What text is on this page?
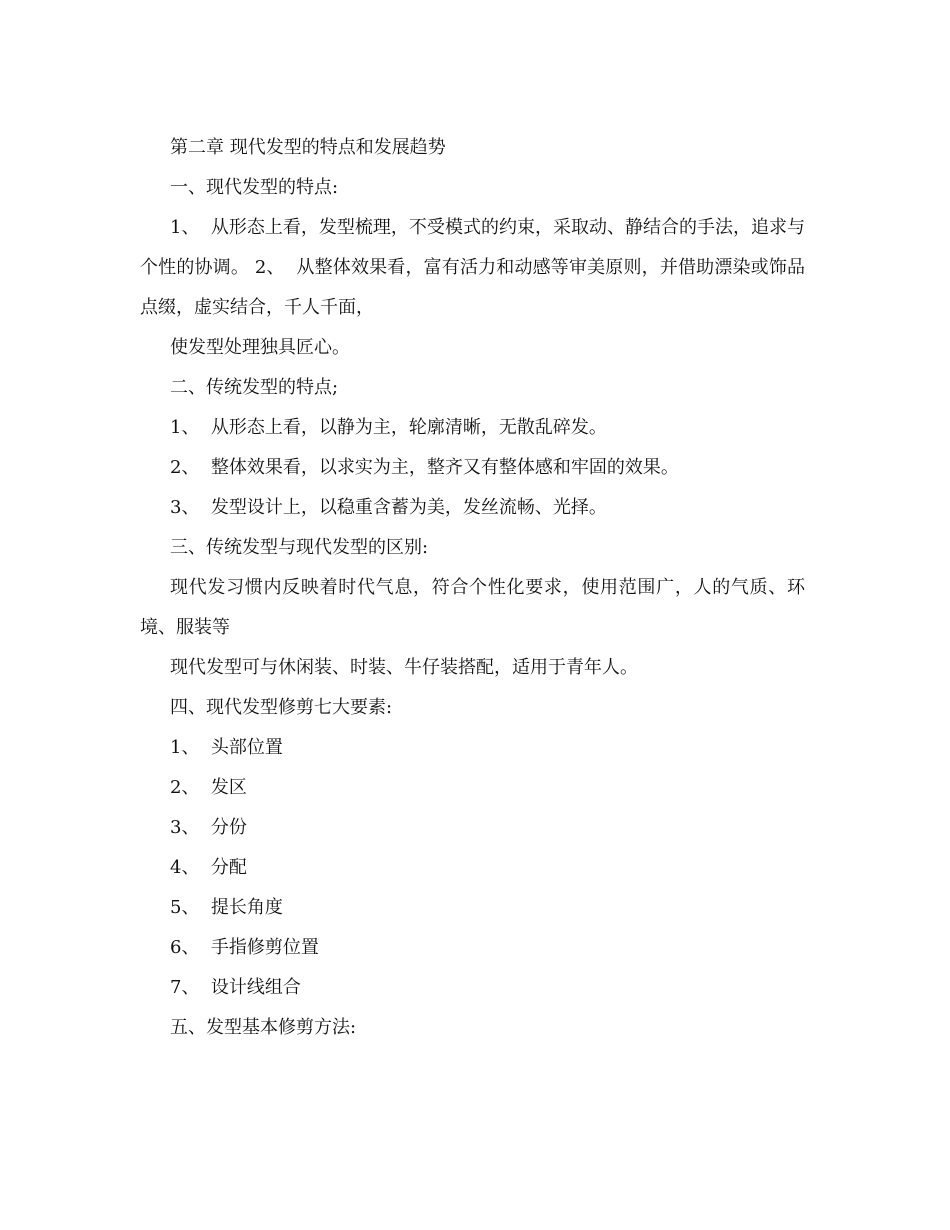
第二章 现代发型的特点和发展趋势

一、现代发型的特点:

1、  从形态上看，发型梳理，不受模式的约束，采取动、静结合的手法，追求与个性的协调。 2、  从整体效果看，富有活力和动感等审美原则，并借助漂染或饰品点缀，虚实结合，千人千面，

使发型处理独具匠心。

二、传统发型的特点;

1、  从形态上看，以静为主，轮廓清晰，无散乱碎发。

2、  整体效果看，以求实为主，整齐又有整体感和牢固的效果。

3、  发型设计上，以稳重含蓄为美，发丝流畅、光择。

三、传统发型与现代发型的区别:

现代发习惯内反映着时代气息，符合个性化要求，使用范围广，人的气质、环境、服装等

现代发型可与休闲装、时装、牛仔装搭配，适用于青年人。

四、现代发型修剪七大要素:

1、  头部位置

2、  发区

3、  分份

4、  分配

5、  提长角度

6、  手指修剪位置

7、  设计线组合

五、发型基本修剪方法:
